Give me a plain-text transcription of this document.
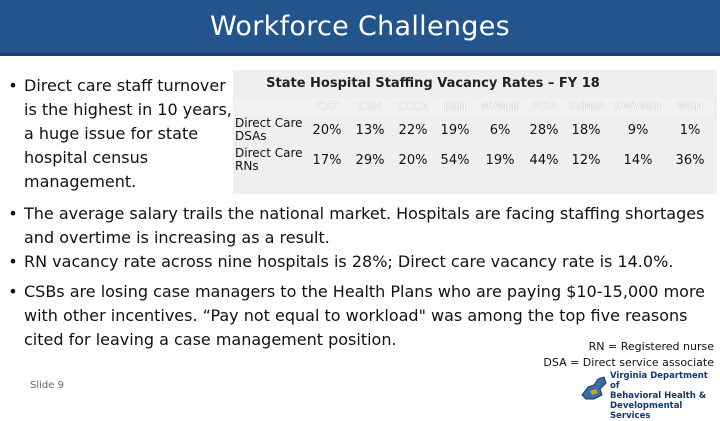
Workforce Challenges
• Direct care staff turnover is the highest in 10 years, a huge issue for state hospital census management.
• The average salary trails the national market. Hospitals are facing staffing shortages and overtime is increasing as a result.
• RN vacancy rate across nine hospitals is 28%; Direct care vacancy rate is 14.0%.
• CSBs are losing case managers to the Health Plans who are paying $10-15,000 more with other incentives. “Pay not equal to workload" was among the top five reasons cited for leaving a case management position.
State Hospital Staffing Vacancy Rates – FY 18
	CAT	CSH	CCCA	ESH	NVMHI	PGH	SVMHI	SWVMHI	WSH
Direct Care DSAs	20%	13%	22%	19%	6%	28%	18%	9%	1%
Direct Care RNs	17%	29%	20%	54%	19%	44%	12%	14%	36%
RN = Registered nurse
DSA = Direct service associate
Slide 9
Virginia Department of
Behavioral Health &
Developmental Services
